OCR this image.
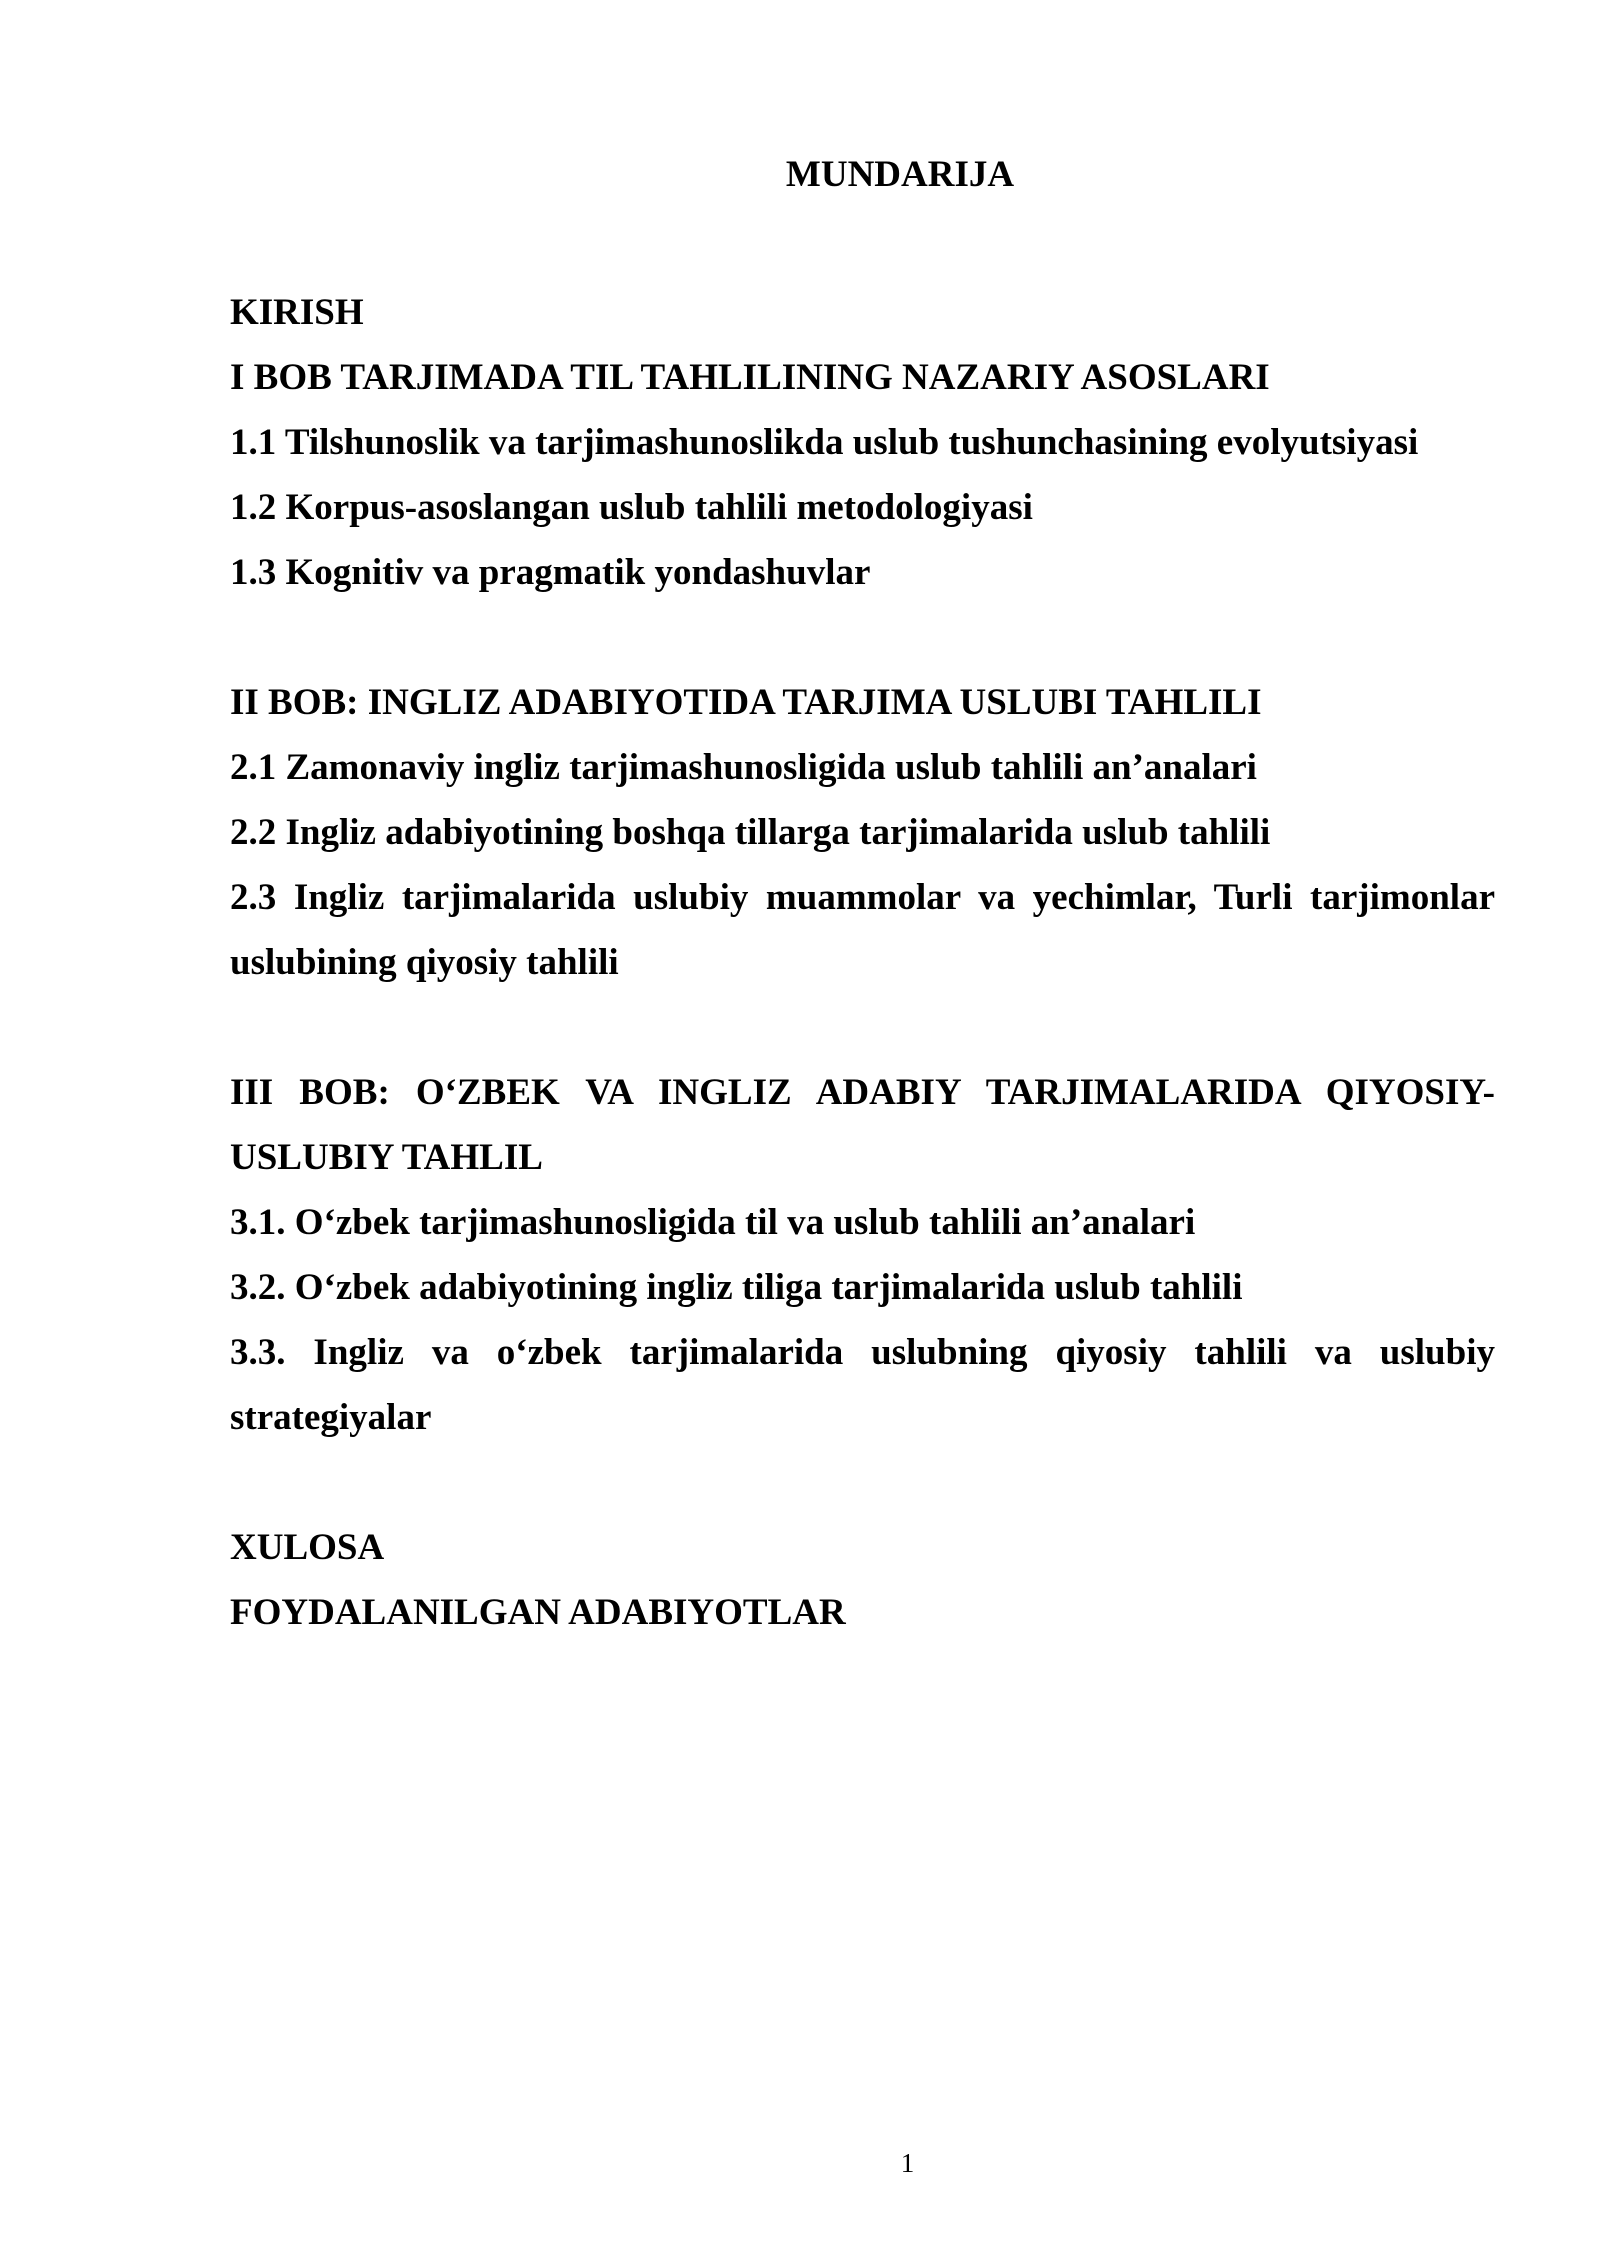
MUNDARIJA
KIRISH
I BOB TARJIMADA TIL TAHLILINING NAZARIY ASOSLARI
1.1 Tilshunoslik va tarjimashunoslikda uslub tushunchasining evolyutsiyasi
1.2 Korpus-asoslangan uslub tahlili metodologiyasi
1.3 Kognitiv va pragmatik yondashuvlar
II BOB: INGLIZ ADABIYOTIDA TARJIMA USLUBI TAHLILI
2.1 Zamonaviy ingliz tarjimashunosligida uslub tahlili an’analari
2.2 Ingliz adabiyotining boshqa tillarga tarjimalarida uslub tahlili
2.3 Ingliz tarjimalarida uslubiy muammolar va yechimlar, Turli tarjimonlar uslubining qiyosiy tahlili
III BOB: O‘ZBEK VA INGLIZ ADABIY TARJIMALARIDA QIYOSIY-USLUBIY TAHLIL
3.1. O‘zbek tarjimashunosligida til va uslub tahlili an’analari
3.2. O‘zbek adabiyotining ingliz tiliga tarjimalarida uslub tahlili
3.3. Ingliz va o‘zbek tarjimalarida uslubning qiyosiy tahlili va uslubiy strategiyalar
XULOSA
FOYDALANILGAN ADABIYOTLAR
1
